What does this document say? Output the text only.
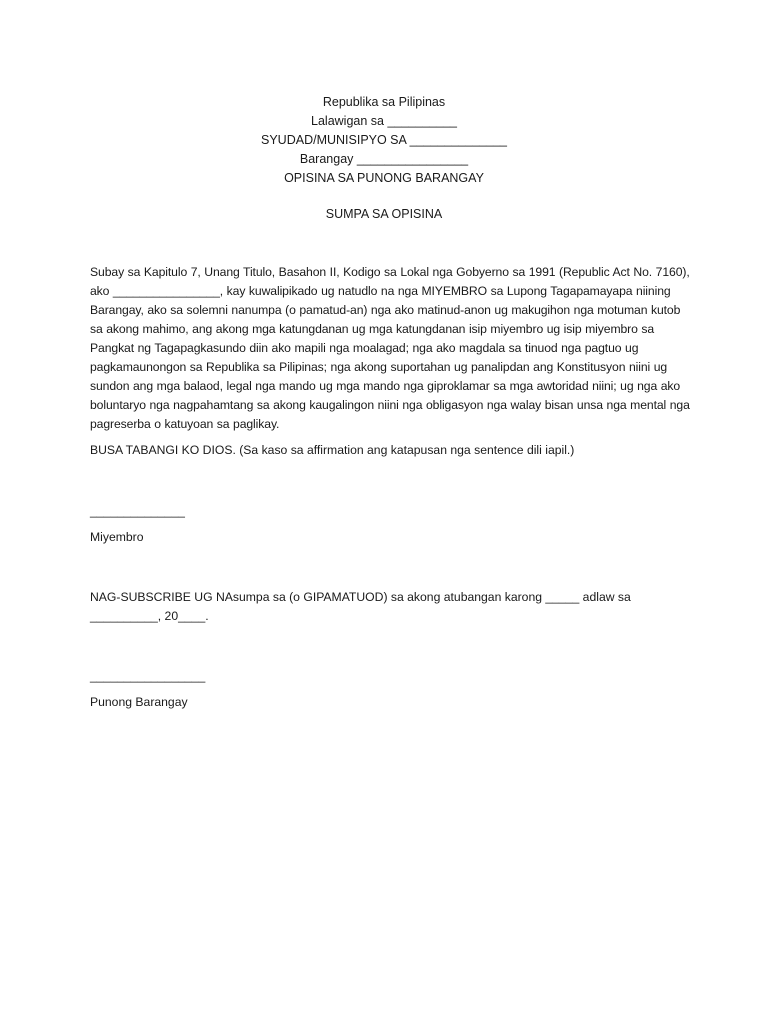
Republika sa Pilipinas
Lalawigan sa __________
SYUDAD/MUNISIPYO SA ______________
Barangay ________________
OPISINA SA PUNONG BARANGAY
SUMPA SA OPISINA
Subay sa Kapitulo 7, Unang Titulo, Basahon II, Kodigo sa Lokal nga Gobyerno sa 1991 (Republic Act No. 7160), ako ________________, kay kuwalipikado ug natudlo na nga MIYEMBRO sa Lupong Tagapamayapa niining Barangay, ako sa solemni nanumpa (o pamatud-an) nga ako matinud-anon ug makugihon nga motuman kutob sa akong mahimo, ang akong mga katungdanan ug mga katungdanan isip miyembro ug isip miyembro sa Pangkat ng Tagapagkasundo diin ako mapili nga moalagad; nga ako magdala sa tinuod nga pagtuo ug pagkamaunongon sa Republika sa Pilipinas; nga akong suportahan ug panalipdan ang Konstitusyon niini ug sundon ang mga balaod, legal nga mando ug mga mando nga giproklamar sa mga awtoridad niini; ug nga ako boluntaryo nga nagpahamtang sa akong kaugalingon niini nga obligasyon nga walay bisan unsa nga mental nga pagreserba o katuyoan sa paglikay.
BUSA TABANGI KO DIOS. (Sa kaso sa affirmation ang katapusan nga sentence dili iapil.)
______________
Miyembro
NAG-SUBSCRIBE UG NAsumpa sa (o GIPAMATUOD) sa akong atubangan karong _____ adlaw sa
__________, 20____.
_________________
Punong Barangay
